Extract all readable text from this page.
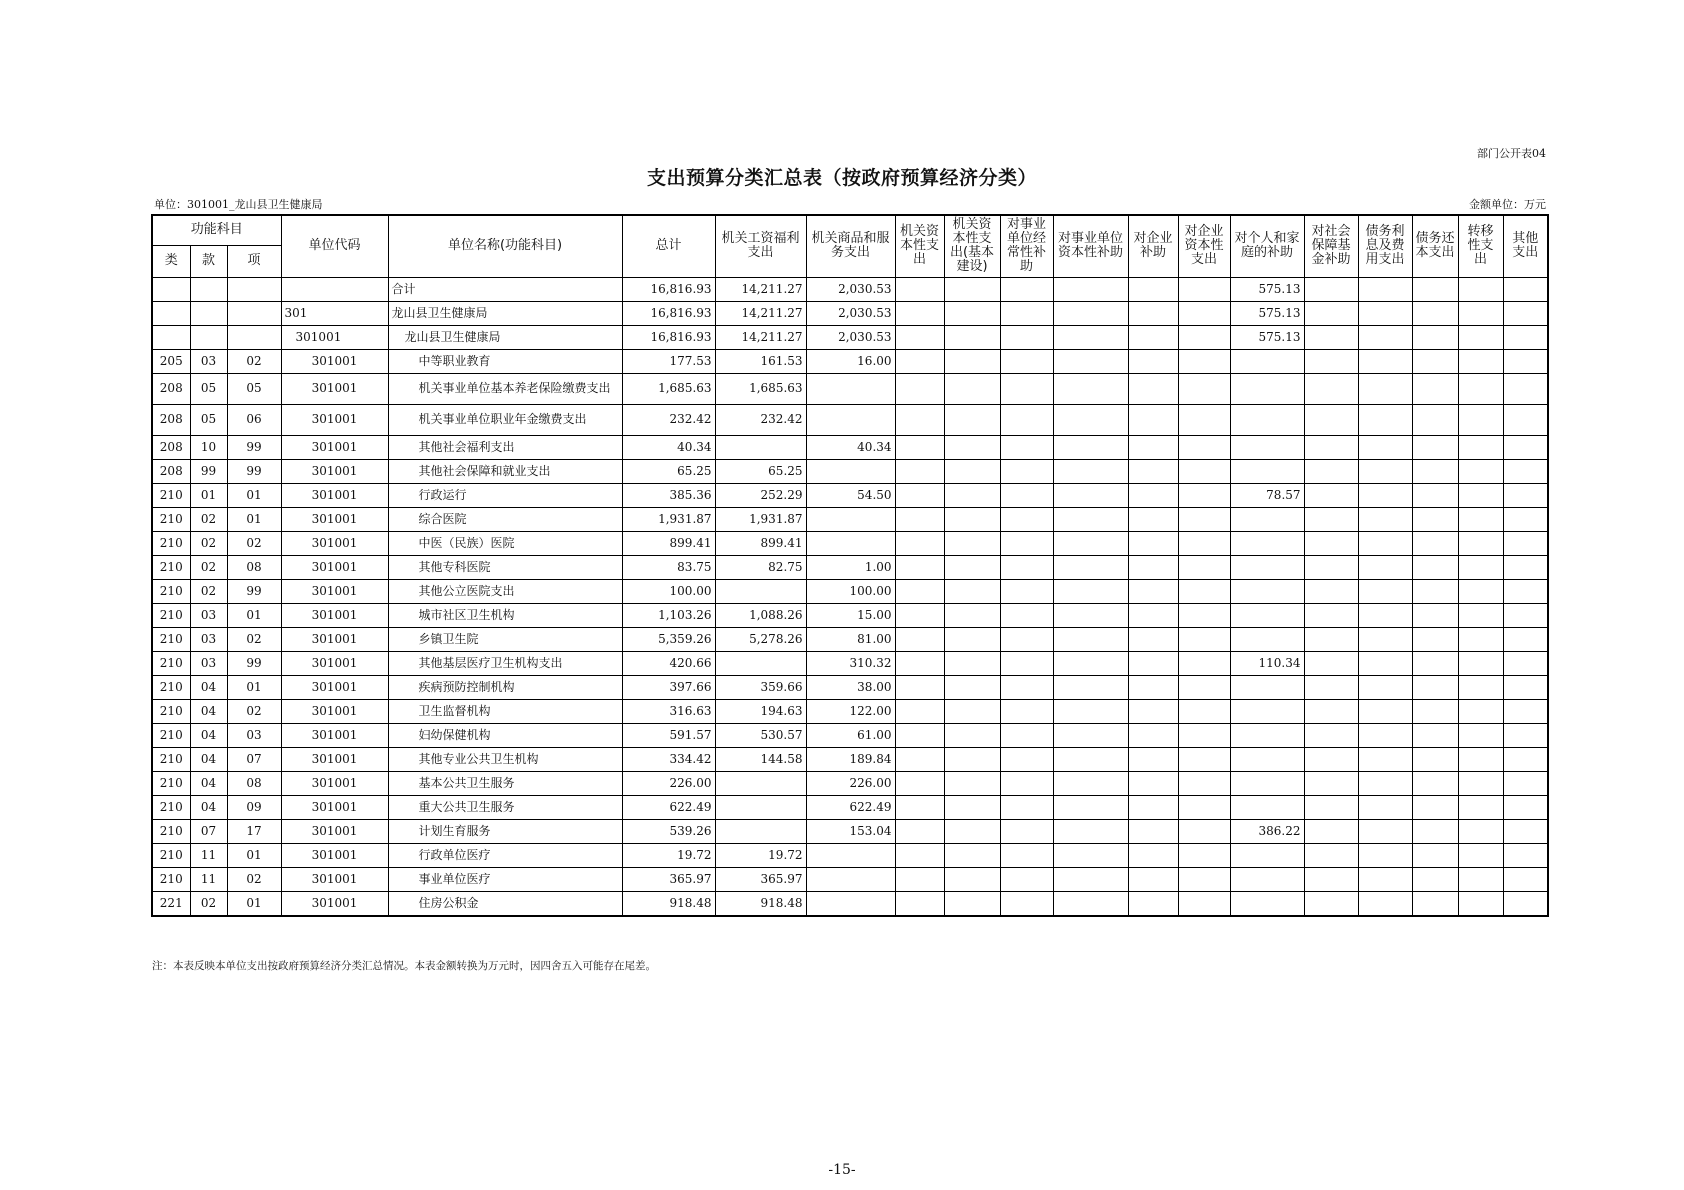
部门公开表04
支出预算分类汇总表（按政府预算经济分类）
单位：301001_龙山县卫生健康局	金额单位：万元
功能科目			单位代码	单位名称(功能科目)	总计	机关工资福利支出	机关商品和服务支出	机关资本性支出	机关资本性支出(基本建设)	对事业单位经常性补助	对事业单位资本性补助	对企业补助	对企业资本性支出	对个人和家庭的补助	对社会保障基金补助	债务利息及费用支出	债务还本支出	转移性支出	其他支出
类	款	项																	
				合计	16,816.93	14,211.27	2,030.53							575.13					
			301	龙山县卫生健康局	16,816.93	14,211.27	2,030.53							575.13					
			301001	龙山县卫生健康局	16,816.93	14,211.27	2,030.53							575.13					
205	03	02	301001	中等职业教育	177.53	161.53	16.00												
208	05	05	301001	机关事业单位基本养老保险缴费支出	1,685.63	1,685.63													
208	05	06	301001	机关事业单位职业年金缴费支出	232.42	232.42													
208	10	99	301001	其他社会福利支出	40.34		40.34												
208	99	99	301001	其他社会保障和就业支出	65.25	65.25													
210	01	01	301001	行政运行	385.36	252.29	54.50							78.57					
210	02	01	301001	综合医院	1,931.87	1,931.87													
210	02	02	301001	中医（民族）医院	899.41	899.41													
210	02	08	301001	其他专科医院	83.75	82.75	1.00												
210	02	99	301001	其他公立医院支出	100.00		100.00												
210	03	01	301001	城市社区卫生机构	1,103.26	1,088.26	15.00												
210	03	02	301001	乡镇卫生院	5,359.26	5,278.26	81.00												
210	03	99	301001	其他基层医疗卫生机构支出	420.66		310.32							110.34					
210	04	01	301001	疾病预防控制机构	397.66	359.66	38.00												
210	04	02	301001	卫生监督机构	316.63	194.63	122.00												
210	04	03	301001	妇幼保健机构	591.57	530.57	61.00												
210	04	07	301001	其他专业公共卫生机构	334.42	144.58	189.84												
210	04	08	301001	基本公共卫生服务	226.00		226.00												
210	04	09	301001	重大公共卫生服务	622.49		622.49												
210	07	17	301001	计划生育服务	539.26		153.04							386.22					
210	11	01	301001	行政单位医疗	19.72	19.72													
210	11	02	301001	事业单位医疗	365.97	365.97													
221	02	01	301001	住房公积金	918.48	918.48													
注：本表反映本单位支出按政府预算经济分类汇总情况。本表金额转换为万元时，因四舍五入可能存在尾差。
-15-
